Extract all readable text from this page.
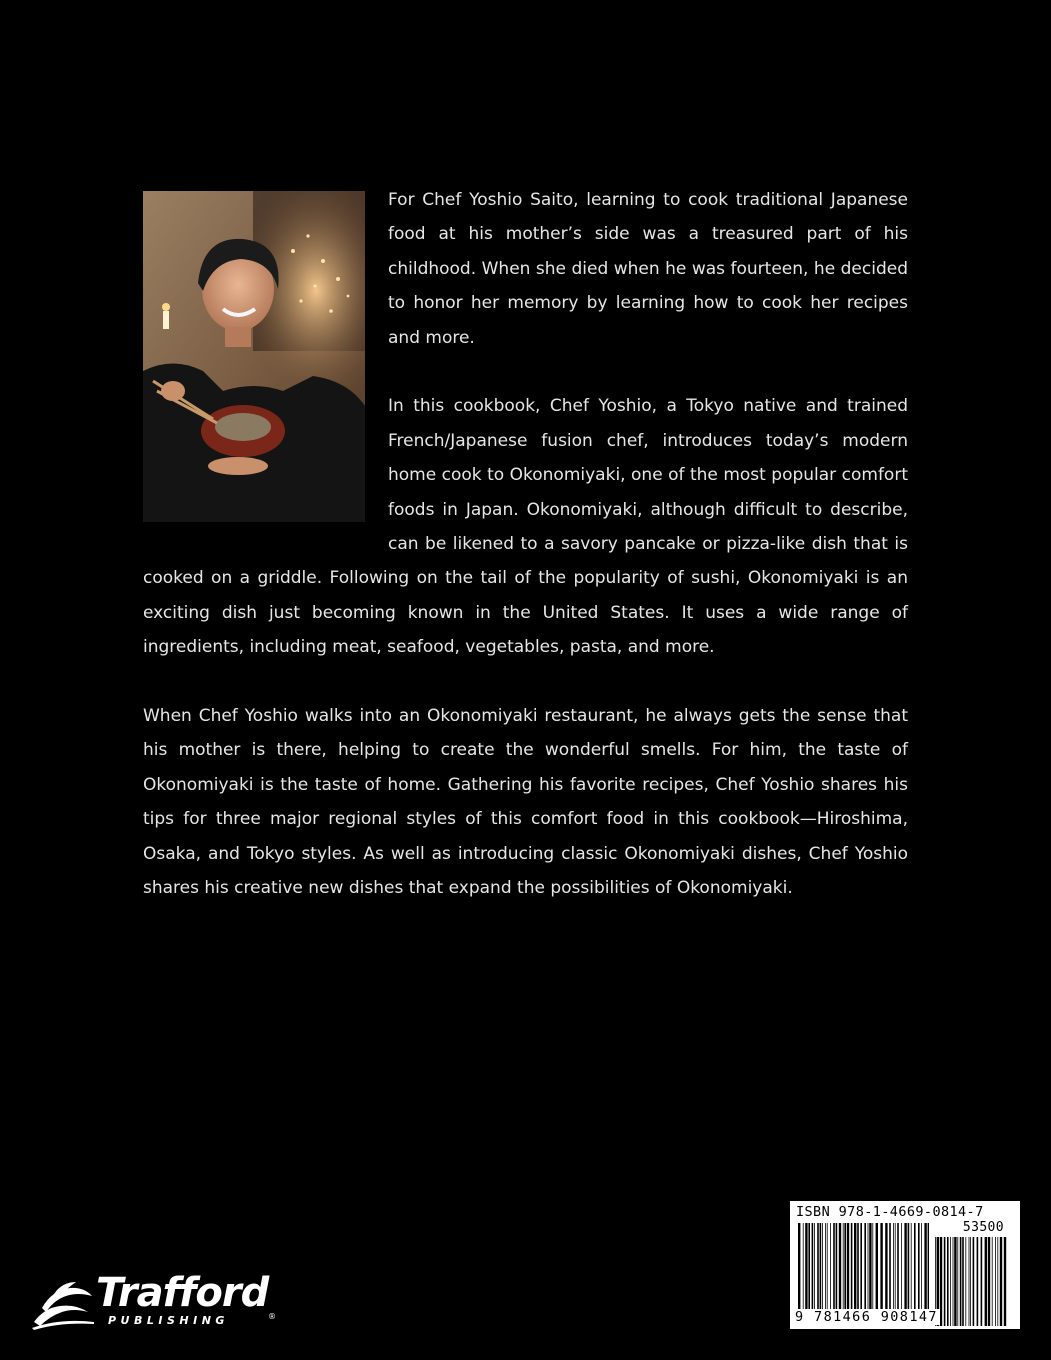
For Chef Yoshio Saito, learning to cook traditional Japanese food at his mother’s side was a treasured part of his childhood. When she died when he was fourteen, he decided to honor her memory by learning how to cook her recipes and more.

In this cookbook, Chef Yoshio, a Tokyo native and trained French/Japanese fusion chef, introduces today’s modern home cook to Okonomiyaki, one of the most popular comfort foods in Japan. Okonomiyaki, although difficult to describe, can be likened to a savory pancake or pizza-like dish that is cooked on a griddle. Following on the tail of the popularity of sushi, Okonomiyaki is an exciting dish just becoming known in the United States. It uses a wide range of ingredients, including meat, seafood, vegetables, pasta, and more.

When Chef Yoshio walks into an Okonomiyaki restaurant, he always gets the sense that his mother is there, helping to create the wonderful smells. For him, the taste of Okonomiyaki is the taste of home. Gathering his favorite recipes, Chef Yoshio shares his tips for three major regional styles of this comfort food in this cookbook—Hiroshima, Osaka, and Tokyo styles. As well as introducing classic Okonomiyaki dishes, Chef Yoshio shares his creative new dishes that expand the possibilities of Okonomiyaki.

ISBN 978-1-4669-0814-7
53500
9 781466 908147
Trafford
PUBLISHING	®
